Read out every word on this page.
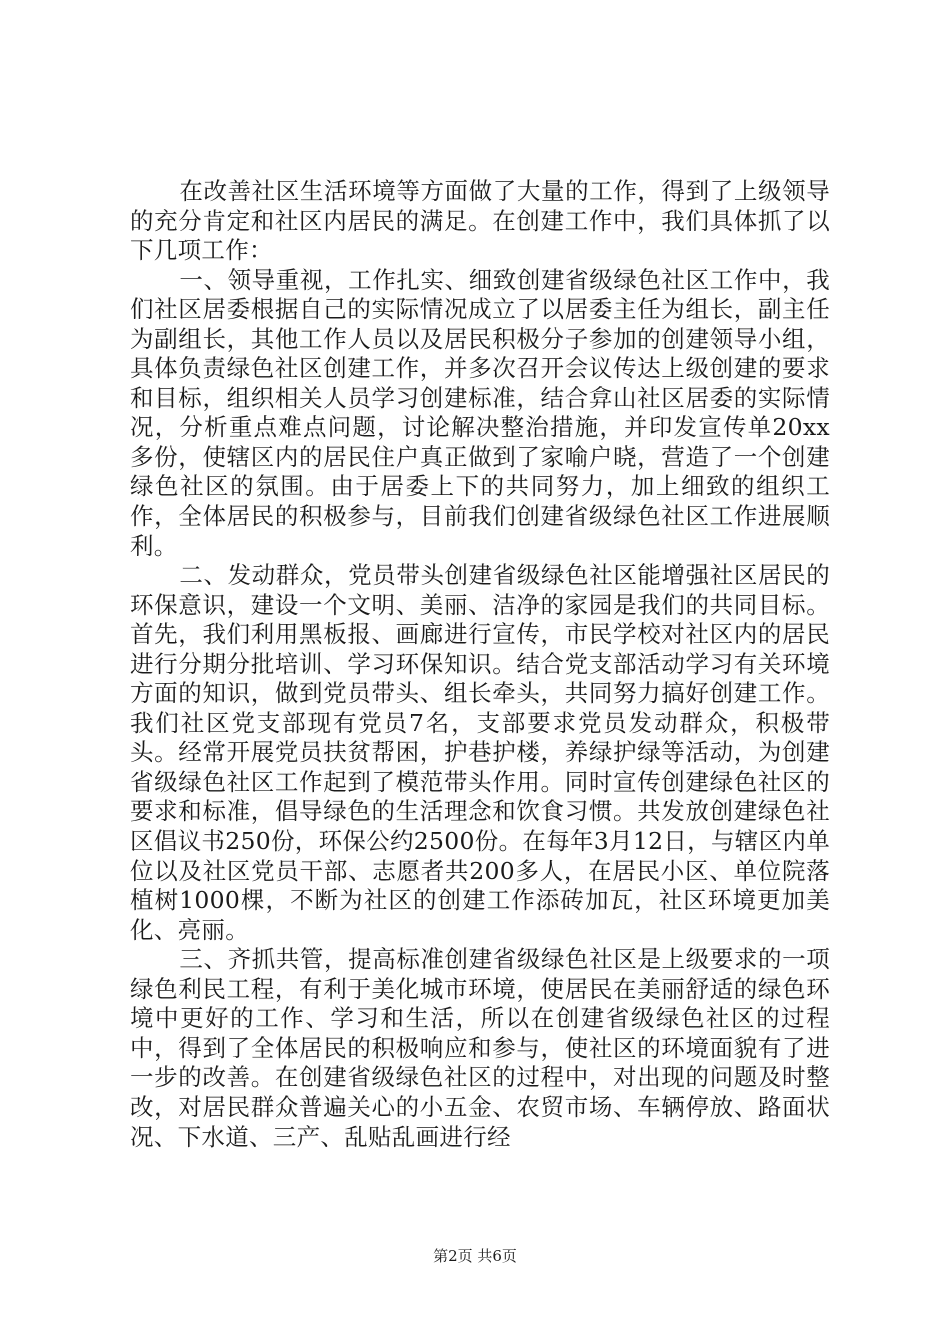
在改善社区生活环境等方面做了大量的工作，得到了上级领导的充分肯定和社区内居民的满足。在创建工作中，我们具体抓了以下几项工作：

一、领导重视，工作扎实、细致创建省级绿色社区工作中，我们社区居委根据自己的实际情况成立了以居委主任为组长，副主任为副组长，其他工作人员以及居民积极分子参加的创建领导小组，具体负责绿色社区创建工作，并多次召开会议传达上级创建的要求和目标，组织相关人员学习创建标准，结合弇山社区居委的实际情况，分析重点难点问题，讨论解决整治措施，并印发宣传单20xx多份，使辖区内的居民住户真正做到了家喻户晓，营造了一个创建绿色社区的氛围。由于居委上下的共同努力，加上细致的组织工作，全体居民的积极参与，目前我们创建省级绿色社区工作进展顺利。

二、发动群众，党员带头创建省级绿色社区能增强社区居民的环保意识，建设一个文明、美丽、洁净的家园是我们的共同目标。首先，我们利用黑板报、画廊进行宣传，市民学校对社区内的居民进行分期分批培训、学习环保知识。结合党支部活动学习有关环境方面的知识，做到党员带头、组长牵头，共同努力搞好创建工作。我们社区党支部现有党员7名，支部要求党员发动群众，积极带头。经常开展党员扶贫帮困，护巷护楼，养绿护绿等活动，为创建省级绿色社区工作起到了模范带头作用。同时宣传创建绿色社区的要求和标准，倡导绿色的生活理念和饮食习惯。共发放创建绿色社区倡议书250份，环保公约2500份。在每年3月12日，与辖区内单位以及社区党员干部、志愿者共200多人，在居民小区、单位院落植树1000棵，不断为社区的创建工作添砖加瓦，社区环境更加美化、亮丽。

三、齐抓共管，提高标准创建省级绿色社区是上级要求的一项绿色利民工程，有利于美化城市环境，使居民在美丽舒适的绿色环境中更好的工作、学习和生活，所以在创建省级绿色社区的过程中，得到了全体居民的积极响应和参与，使社区的环境面貌有了进一步的改善。在创建省级绿色社区的过程中，对出现的问题及时整改，对居民群众普遍关心的小五金、农贸市场、车辆停放、路面状况、下水道、三产、乱贴乱画进行经

第2页 共6页
